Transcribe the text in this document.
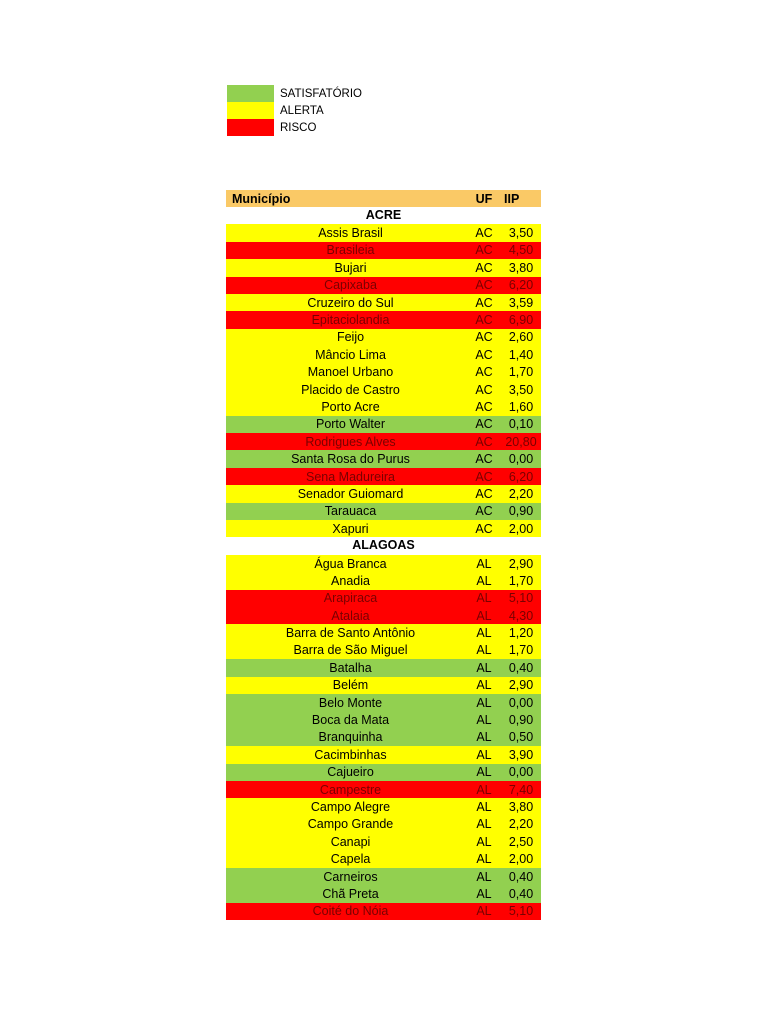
SATISFATÓRIO
ALERTA
RISCO
Município	UF IIP
ACRE
Assis Brasil	AC	3,50
Brasileia	AC	4,50
Bujari	AC	3,80
Capixaba	AC	6,20
Cruzeiro do Sul	AC	3,59
Epitaciolandia	AC	6,90
Feijo	AC	2,60
Mâncio Lima	AC	1,40
Manoel Urbano	AC	1,70
Placido de Castro	AC	3,50
Porto Acre	AC	1,60
Porto Walter	AC	0,10
Rodrigues Alves	AC	20,80
Santa Rosa do Purus	AC	0,00
Sena Madureira	AC	6,20
Senador Guiomard	AC	2,20
Tarauaca	AC	0,90
Xapuri	AC	2,00
ALAGOAS
Água Branca	AL	2,90
Anadia	AL	1,70
Arapiraca	AL	5,10
Atalaia	AL	4,30
Barra de Santo Antônio	AL	1,20
Barra de São Miguel	AL	1,70
Batalha	AL	0,40
Belém	AL	2,90
Belo Monte	AL	0,00
Boca da Mata	AL	0,90
Branquinha	AL	0,50
Cacimbinhas	AL	3,90
Cajueiro	AL	0,00
Campestre	AL	7,40
Campo Alegre	AL	3,80
Campo Grande	AL	2,20
Canapi	AL	2,50
Capela	AL	2,00
Carneiros	AL	0,40
Chã Preta	AL	0,40
Coité do Nóia	AL	5,10
